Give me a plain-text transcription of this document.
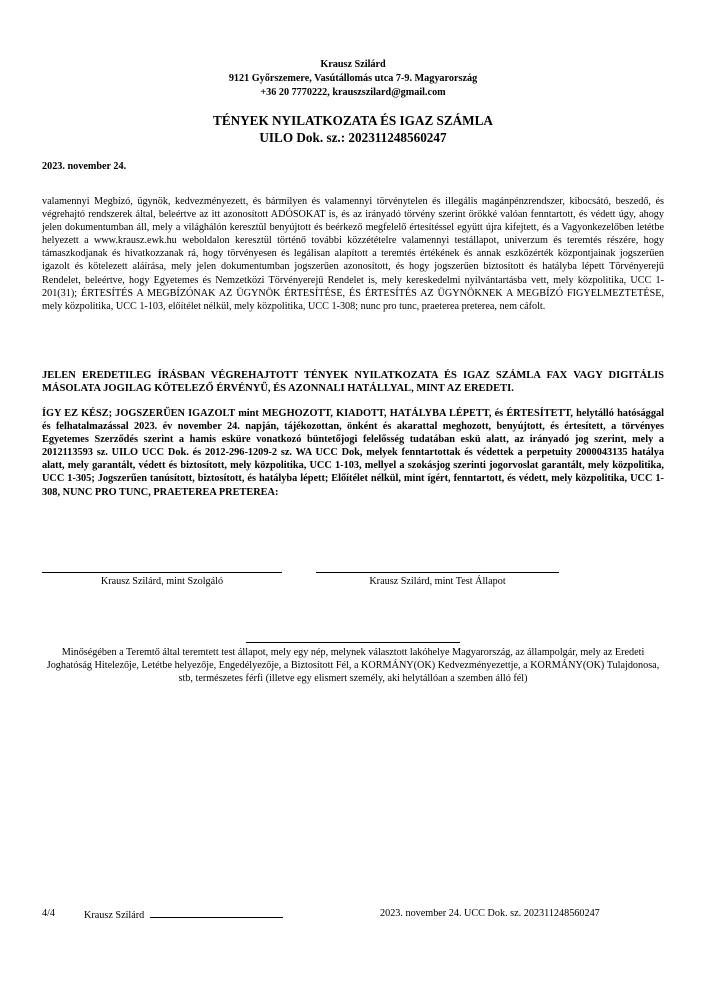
Krausz Szilárd
9121 Győrszemere, Vasútállomás utca 7-9. Magyarország
+36 20 7770222, krauszszilard@gmail.com
TÉNYEK NYILATKOZATA ÉS IGAZ SZÁMLA
UILO Dok. sz.: 202311248560247
2023. november 24.
valamennyi Megbízó, ügynök, kedvezményezett, és bármilyen és valamennyi törvénytelen és illegális magánpénzrendszer, kibocsátó, beszedő, és végrehajtó rendszerek által, beleértve az itt azonosított ADÓSOKAT is, és az irányadó törvény szerint örökké valóan fenntartott, és védett úgy, ahogy jelen dokumentumban áll, mely a világhálón keresztül benyújtott és beérkező megfelelő értesítéssel együtt újra kifejtett, és a Vagyonkezelőben letétbe helyezett a www.krausz.ewk.hu weboldalon keresztül történő további közzétételre valamennyi testállapot, univerzum és teremtés részére, hogy támaszkodjanak és hivatkozzanak rá, hogy törvényesen és legálisan alapított a teremtés értékének és annak eszközérték központjainak jogszerűen igazolt és kötelezett aláírása, mely jelen dokumentumban jogszerűen azonosított, és hogy jogszerűen biztosított és hatályba lépett Törvényerejű Rendelet, beleértve, hogy Egyetemes és Nemzetközi Törvényerejű Rendelet is, mely kereskedelmi nyilvántartásba vett, mely közpolitika, UCC 1-201(31); ÉRTESÍTÉS A MEGBÍZÓNAK AZ ÜGYNÖK ÉRTESÍTÉSE, ÉS ÉRTESÍTÉS AZ ÜGYNÖKNEK A MEGBÍZÓ FIGYELMEZTETÉSE, mely közpolitika, UCC 1-103, előítélet nélkül, mely közpolitika, UCC 1-308; nunc pro tunc, praeterea preterea, nem cáfolt.
JELEN EREDETILEG ÍRÁSBAN VÉGREHAJTOTT TÉNYEK NYILATKOZATA ÉS IGAZ SZÁMLA FAX VAGY DIGITÁLIS MÁSOLATA JOGILAG KÖTELEZŐ ÉRVÉNYŰ, ÉS AZONNALI HATÁLLYAL, MINT AZ EREDETI.
ÍGY EZ KÉSZ; JOGSZERŰEN IGAZOLT mint MEGHOZOTT, KIADOTT, HATÁLYBA LÉPETT, és ÉRTESÍTETT, helytálló hatósággal és felhatalmazással 2023. év november 24. napján, tájékozottan, önként és akarattal meghozott, benyújtott, és értesített, a törvényes Egyetemes Szerződés szerint a hamis esküre vonatkozó büntetőjogi felelősség tudatában eskü alatt, az irányadó jog szerint, mely a 2012113593 sz. UILO UCC Dok. és 2012-296-1209-2 sz. WA UCC Dok, melyek fenntartottak és védettek a perpetuity 2000043135 hatálya alatt, mely garantált, védett és biztosított, mely közpolitika, UCC 1-103, mellyel a szokásjog szerinti jogorvoslat garantált, mely közpolitika, UCC 1-305; Jogszerűen tanúsított, biztosított, és hatályba lépett; Előítélet nélkül, mint ígért, fenntartott, és védett, mely közpolitika, UCC 1-308, NUNC PRO TUNC, PRAETEREA PRETEREA:
Krausz Szilárd, mint Szolgáló	Krausz Szilárd, mint Test Állapot
Minőségében a Teremtő által teremtett test állapot, mely egy nép, melynek választott lakóhelye Magyarország, az állampolgár, mely az Eredeti Joghatóság Hitelezője, Letétbe helyezője, Engedélyezője, a Biztosított Fél, a KORMÁNY(OK) Kedvezményezettje, a KORMÁNY(OK) Tulajdonosa, stb, természetes férfi (illetve egy elismert személy, aki helytállóan a szemben álló fél)
4/4	Krausz Szilárd	2023. november 24. UCC Dok. sz. 202311248560247
